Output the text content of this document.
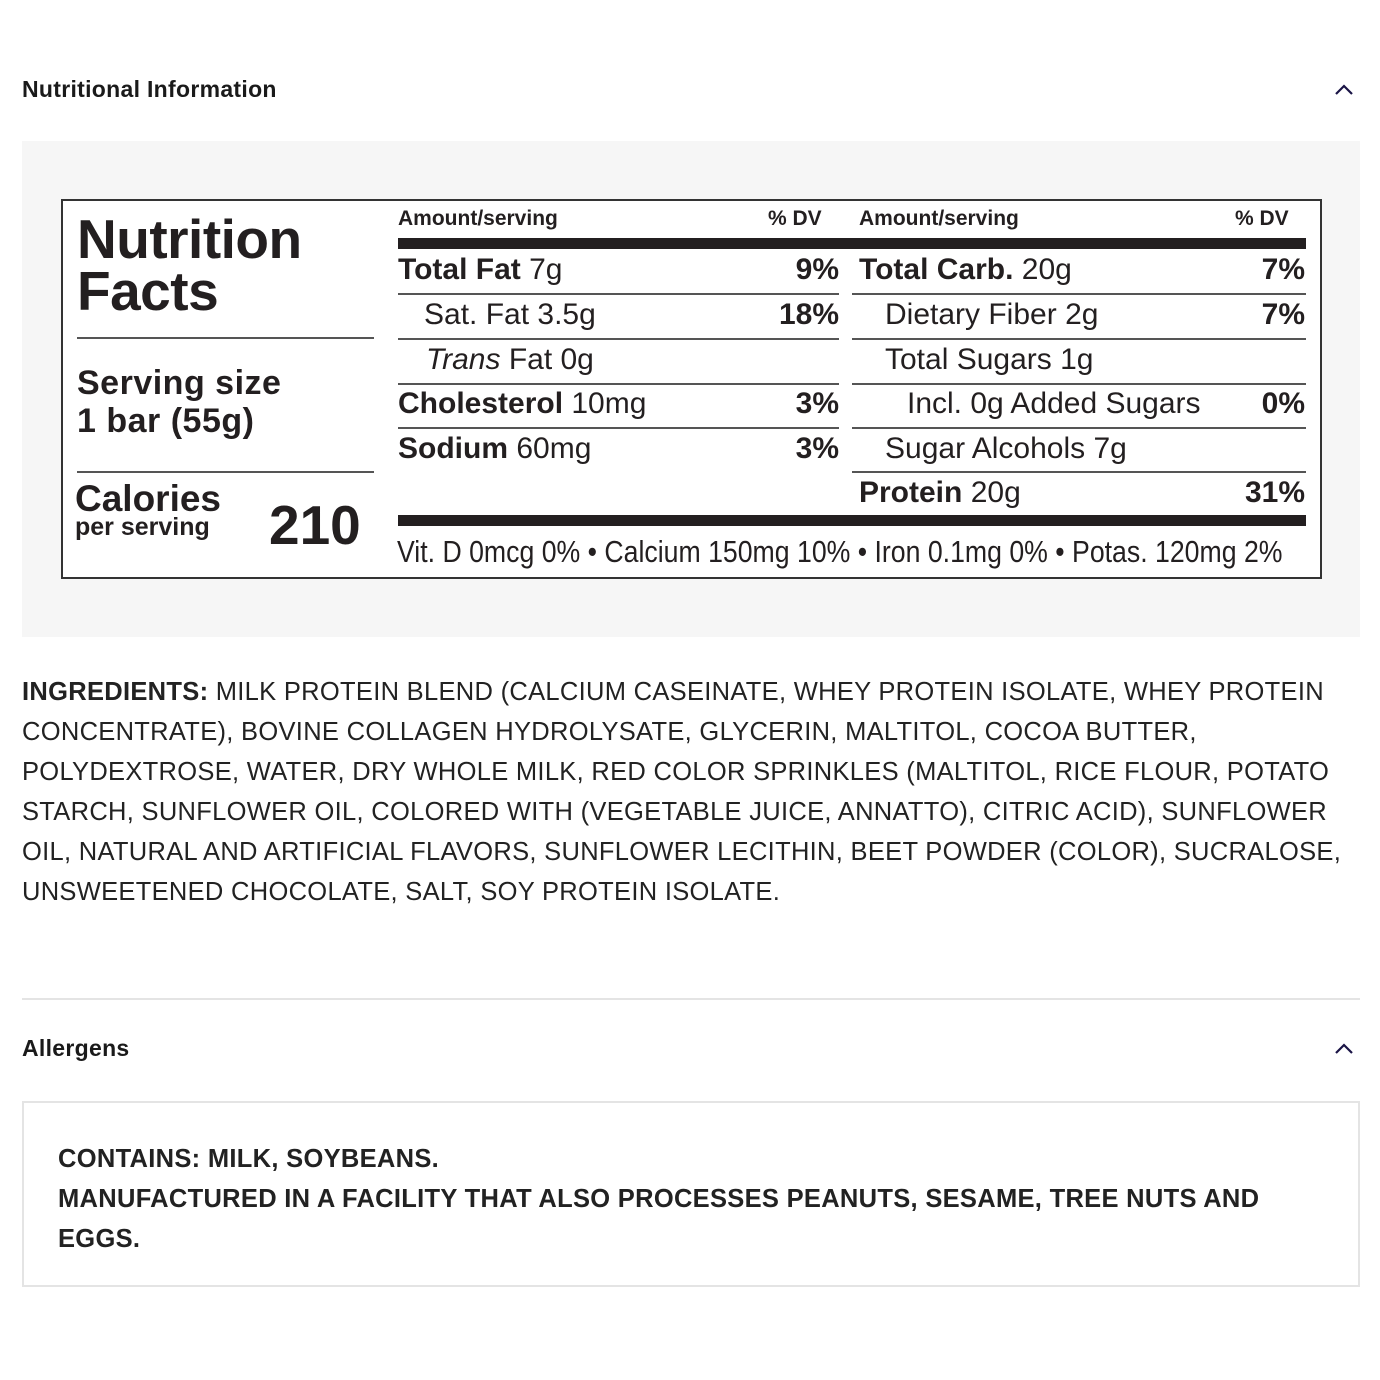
Nutritional Information
Nutrition
Facts
Serving size
1 bar (55g)
Calories
per serving 210
Amount/serving	% DV Amount/serving	% DV
Total Fat 7g	9%
Sat. Fat 3.5g	18%
Trans Fat 0g
Cholesterol 10mg	3%
Sodium 60mg	3%
Total Carb. 20g	7%
Dietary Fiber 2g	7%
Total Sugars 1g
Incl. 0g Added Sugars 0%
Sugar Alcohols 7g
Protein 20g	31%
Vit. D 0mcg 0% • Calcium 150mg 10% • Iron 0.1mg 0% • Potas. 120mg 2%
INGREDIENTS: MILK PROTEIN BLEND (CALCIUM CASEINATE, WHEY PROTEIN ISOLATE, WHEY PROTEIN CONCENTRATE), BOVINE COLLAGEN HYDROLYSATE, GLYCERIN, MALTITOL, COCOA BUTTER, POLYDEXTROSE, WATER, DRY WHOLE MILK, RED COLOR SPRINKLES (MALTITOL, RICE FLOUR, POTATO STARCH, SUNFLOWER OIL, COLORED WITH (VEGETABLE JUICE, ANNATTO), CITRIC ACID), SUNFLOWER OIL, NATURAL AND ARTIFICIAL FLAVORS, SUNFLOWER LECITHIN, BEET POWDER (COLOR), SUCRALOSE, UNSWEETENED CHOCOLATE, SALT, SOY PROTEIN ISOLATE.
Allergens
CONTAINS: MILK, SOYBEANS.
MANUFACTURED IN A FACILITY THAT ALSO PROCESSES PEANUTS, SESAME, TREE NUTS AND EGGS.
